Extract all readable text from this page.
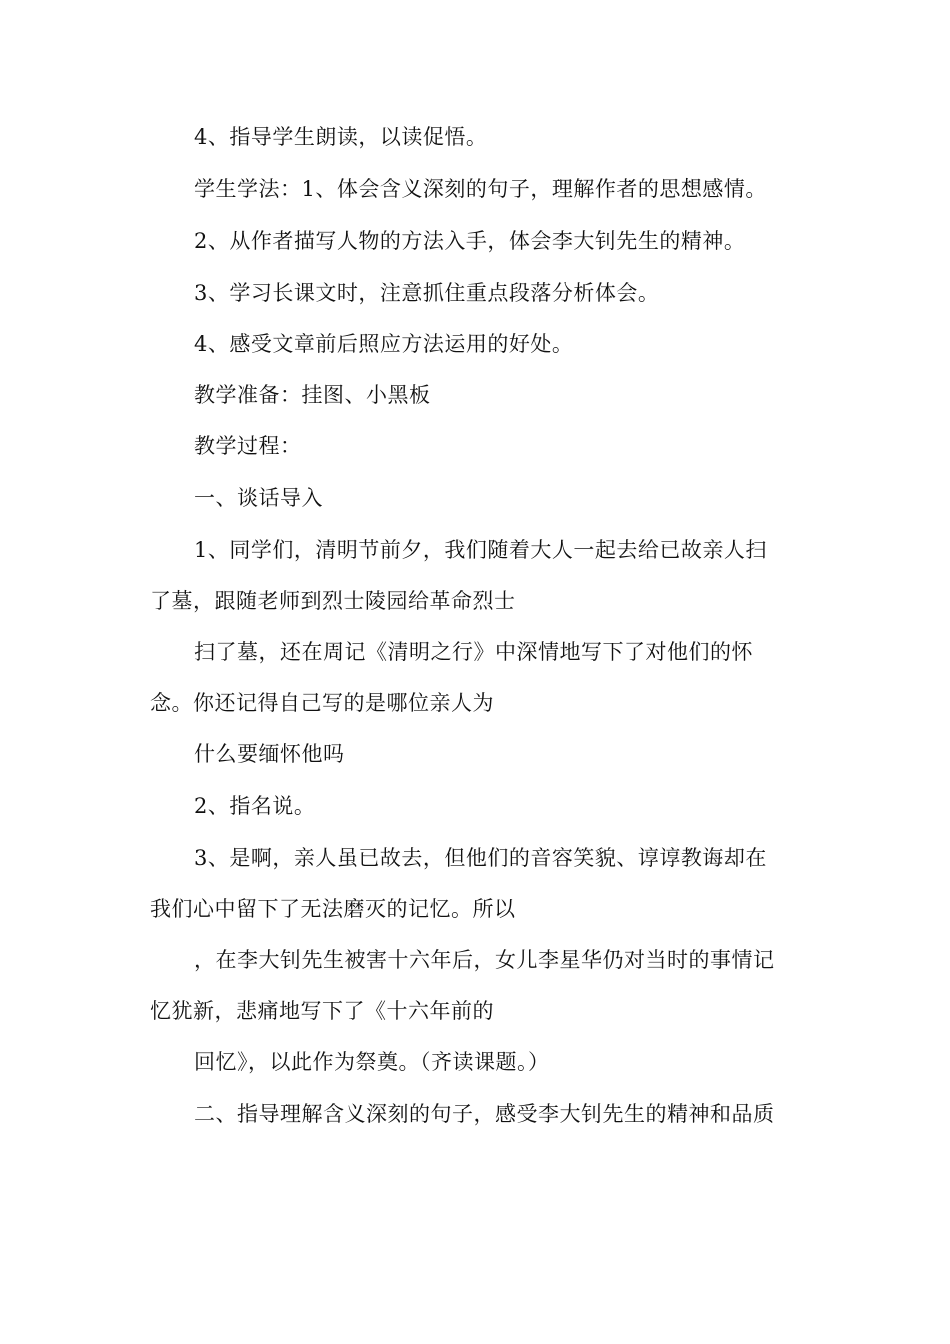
4、指导学生朗读，以读促悟。
学生学法：1、体会含义深刻的句子，理解作者的思想感情。
2、从作者描写人物的方法入手，体会李大钊先生的精神。
3、学习长课文时，注意抓住重点段落分析体会。
4、感受文章前后照应方法运用的好处。
教学准备：挂图、小黑板
教学过程：
一、谈话导入
1、同学们，清明节前夕，我们随着大人一起去给已故亲人扫
了墓，跟随老师到烈士陵园给革命烈士
扫了墓，还在周记《清明之行》中深情地写下了对他们的怀
念。你还记得自己写的是哪位亲人为
什么要缅怀他吗
2、指名说。
3、是啊，亲人虽已故去，但他们的音容笑貌、谆谆教诲却在
我们心中留下了无法磨灭的记忆。所以
，在李大钊先生被害十六年后，女儿李星华仍对当时的事情记
忆犹新，悲痛地写下了《十六年前的
回忆》，以此作为祭奠。（齐读课题。）
二、指导理解含义深刻的句子，感受李大钊先生的精神和品质
